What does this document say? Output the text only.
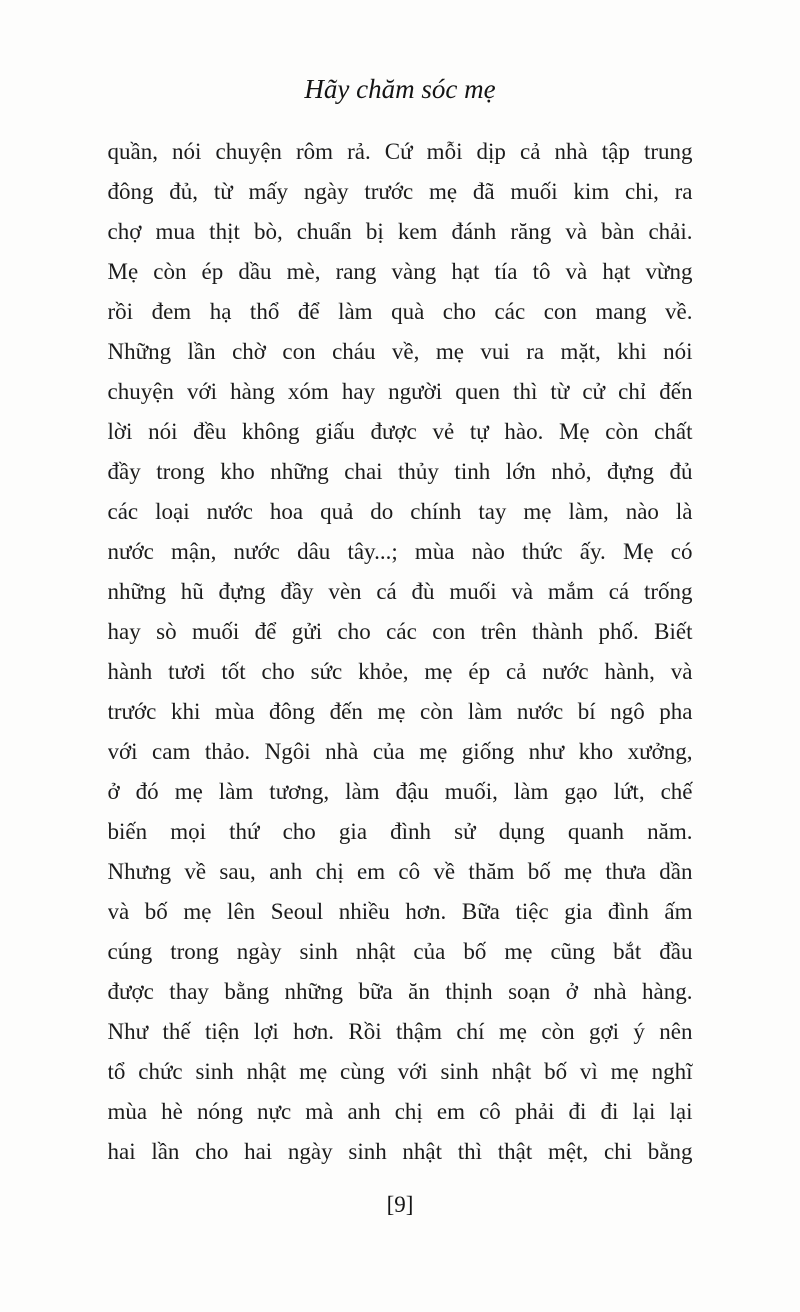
Hãy chăm sóc mẹ
quần, nói chuyện rôm rả. Cứ mỗi dịp cả nhà tập trung
đông đủ, từ mấy ngày trước mẹ đã muối kim chi, ra
chợ mua thịt bò, chuẩn bị kem đánh răng và bàn chải.
Mẹ còn ép dầu mè, rang vàng hạt tía tô và hạt vừng
rồi đem hạ thổ để làm quà cho các con mang về.
Những lần chờ con cháu về, mẹ vui ra mặt, khi nói
chuyện với hàng xóm hay người quen thì từ cử chỉ đến
lời nói đều không giấu được vẻ tự hào. Mẹ còn chất
đầy trong kho những chai thủy tinh lớn nhỏ, đựng đủ
các loại nước hoa quả do chính tay mẹ làm, nào là
nước mận, nước dâu tây...; mùa nào thức ấy. Mẹ có
những hũ đựng đầy vèn cá đù muối và mắm cá trống
hay sò muối để gửi cho các con trên thành phố. Biết
hành tươi tốt cho sức khỏe, mẹ ép cả nước hành, và
trước khi mùa đông đến mẹ còn làm nước bí ngô pha
với cam thảo. Ngôi nhà của mẹ giống như kho xưởng,
ở đó mẹ làm tương, làm đậu muối, làm gạo lứt, chế
biến mọi thứ cho gia đình sử dụng quanh năm.
Nhưng về sau, anh chị em cô về thăm bố mẹ thưa dần
và bố mẹ lên Seoul nhiều hơn. Bữa tiệc gia đình ấm
cúng trong ngày sinh nhật của bố mẹ cũng bắt đầu
được thay bằng những bữa ăn thịnh soạn ở nhà hàng.
Như thế tiện lợi hơn. Rồi thậm chí mẹ còn gợi ý nên
tổ chức sinh nhật mẹ cùng với sinh nhật bố vì mẹ nghĩ
mùa hè nóng nực mà anh chị em cô phải đi đi lại lại
hai lần cho hai ngày sinh nhật thì thật mệt, chi bằng
[9]
